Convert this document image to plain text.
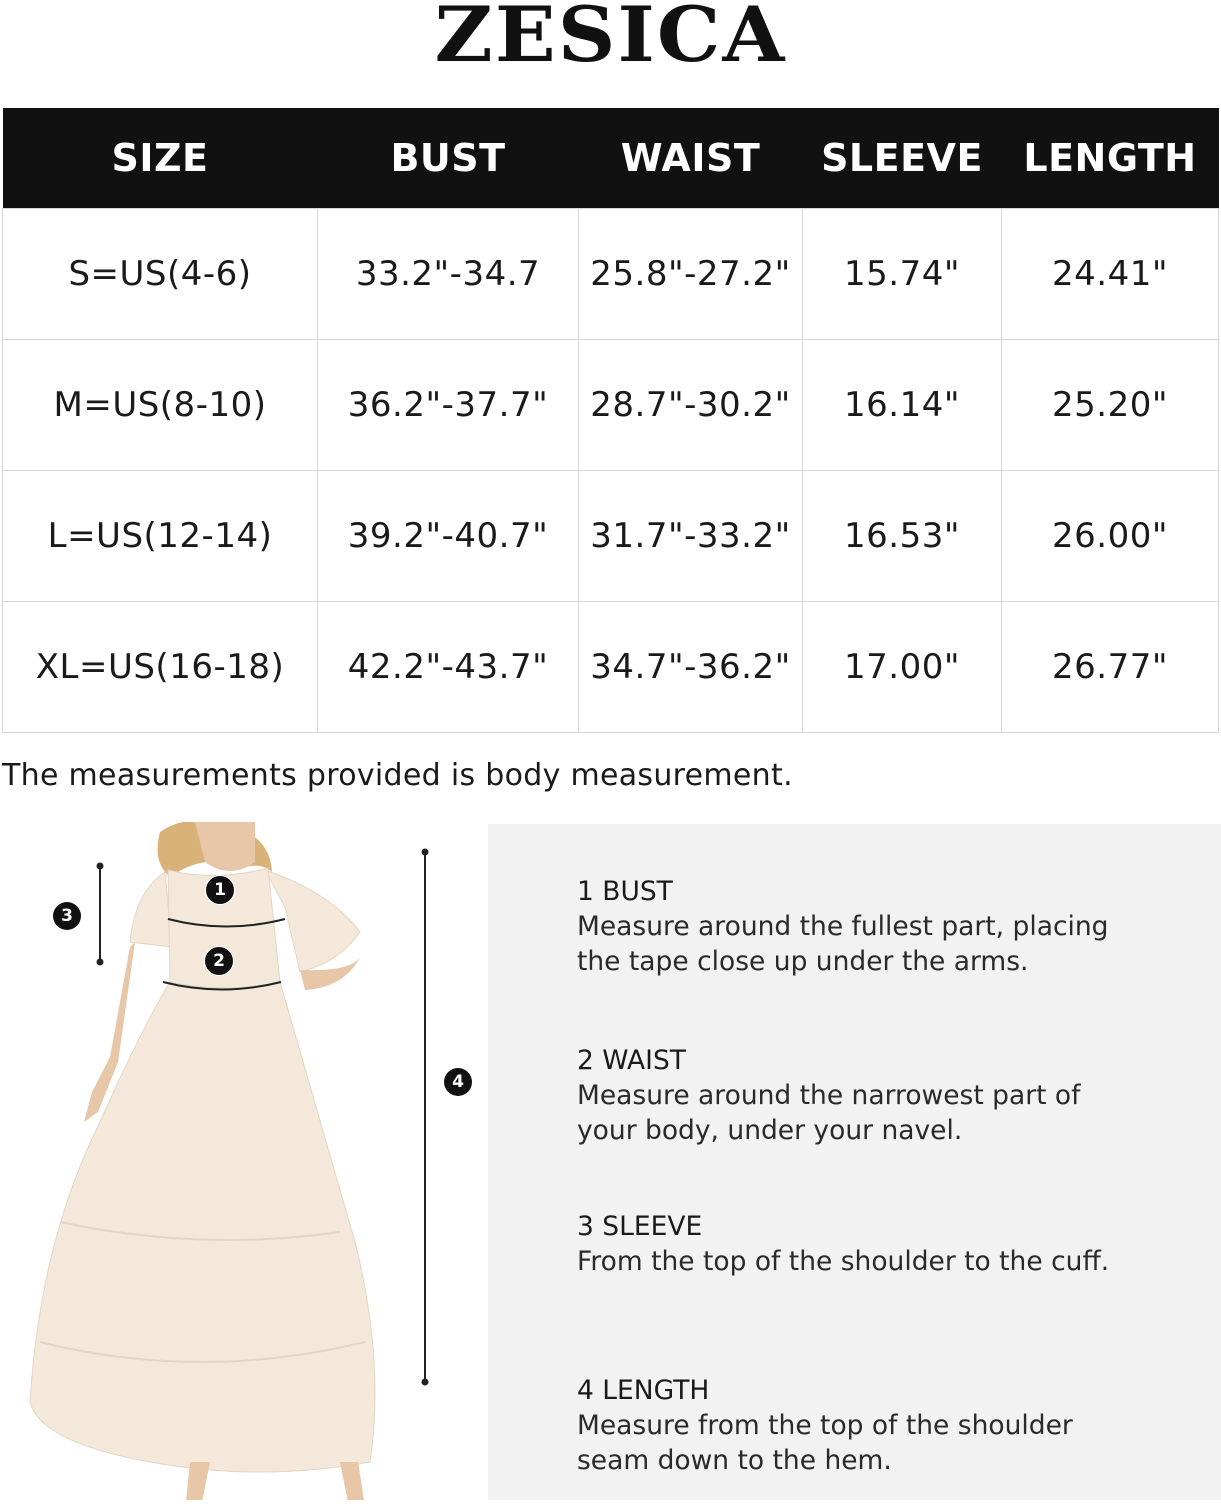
ZESICA
SIZE	BUST	WAIST	SLEEVE	LENGTH
S=US(4-6)	33.2"-34.7	25.8"-27.2"	15.74"	24.41"
M=US(8-10)	36.2"-37.7"	28.7"-30.2"	16.14"	25.20"
L=US(12-14)	39.2"-40.7"	31.7"-33.2"	16.53"	26.00"
XL=US(16-18)	42.2"-43.7"	34.7"-36.2"	17.00"	26.77"
The measurements provided is body measurement.
1
2
3
4
1 BUST
Measure around the fullest part, placing the tape close up under the arms.
2 WAIST
Measure around the narrowest part of your body, under your navel.
3 SLEEVE
From the top of the shoulder to the cuff.
4 LENGTH
Measure from the top of the shoulder seam down to the hem.
